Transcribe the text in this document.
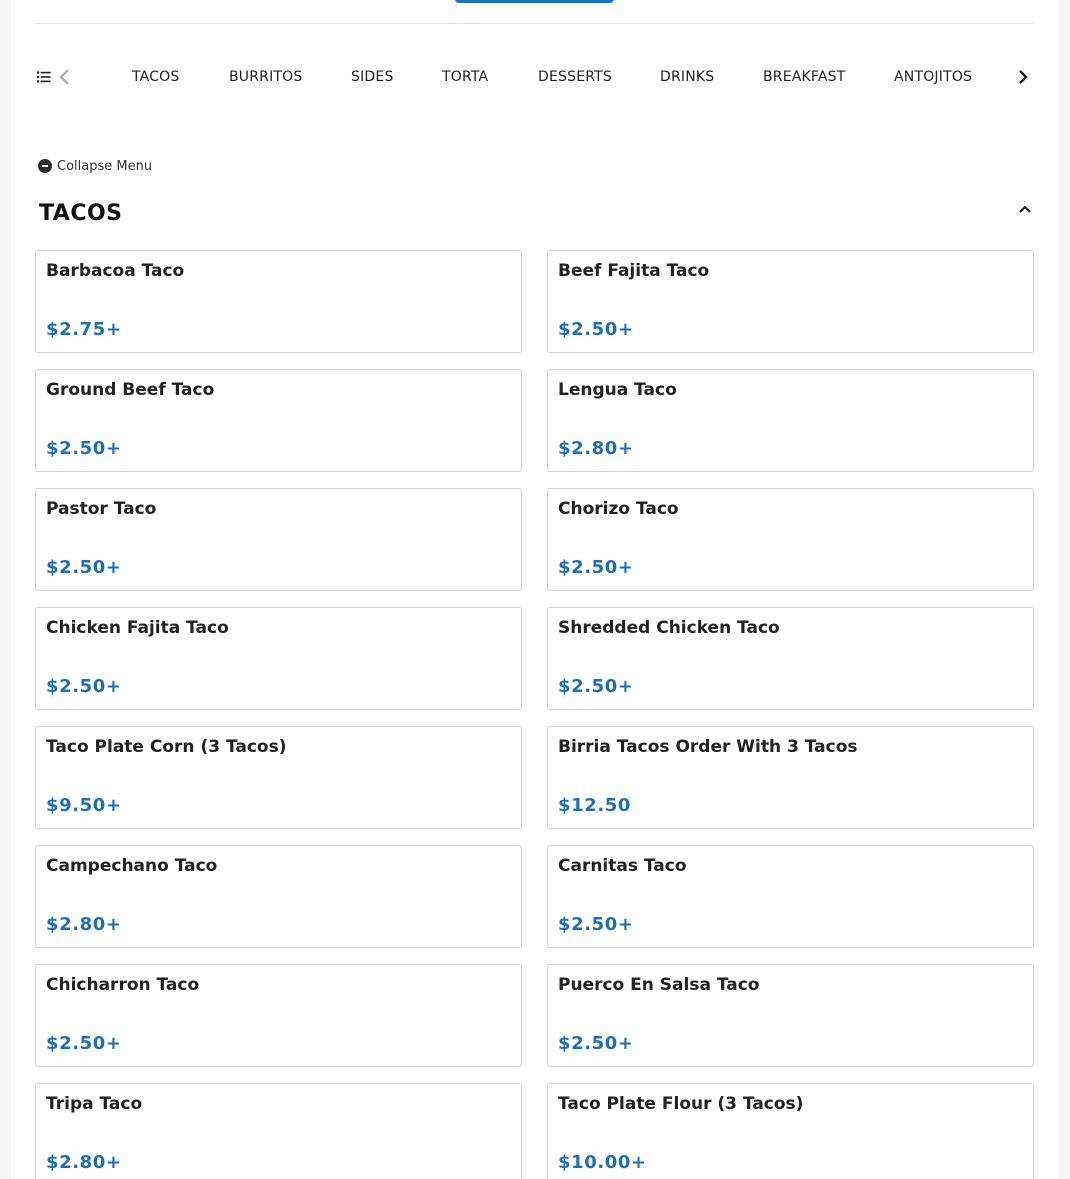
TACOS	BURRITOS	SIDES	TORTA	DESSERTS	DRINKS	BREAKFAST	ANTOJITOS
Collapse Menu
TACOS
Barbacoa Taco
$2.75+
Beef Fajita Taco
$2.50+
Ground Beef Taco
$2.50+
Lengua Taco
$2.80+
Pastor Taco
$2.50+
Chorizo Taco
$2.50+
Chicken Fajita Taco
$2.50+
Shredded Chicken Taco
$2.50+
Taco Plate Corn (3 Tacos)
$9.50+
Birria Tacos Order With 3 Tacos
$12.50
Campechano Taco
$2.80+
Carnitas Taco
$2.50+
Chicharron Taco
$2.50+
Puerco En Salsa Taco
$2.50+
Tripa Taco
$2.80+
Taco Plate Flour (3 Tacos)
$10.00+
